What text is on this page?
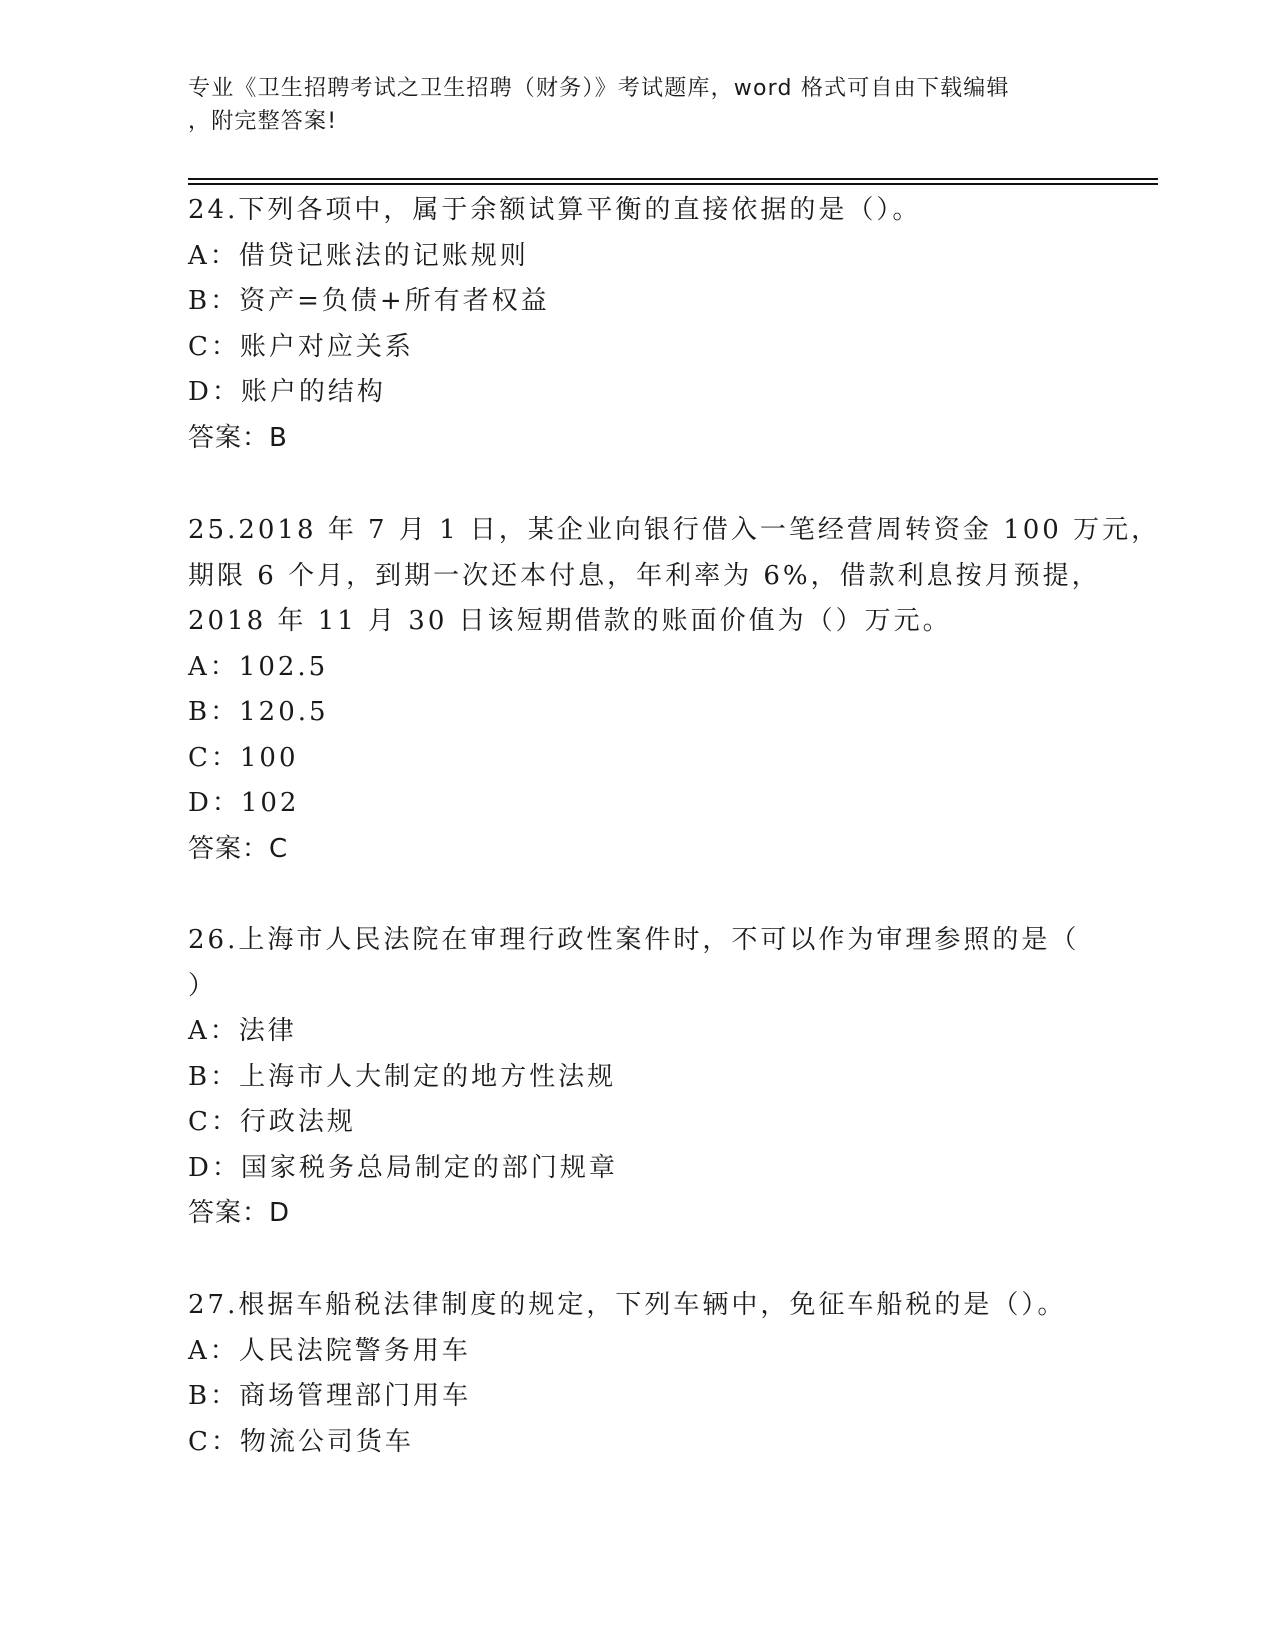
专业《卫生招聘考试之卫生招聘（财务）》考试题库，word 格式可自由下载编辑
，附完整答案!
24.下列各项中，属于余额试算平衡的直接依据的是（）。
A：借贷记账法的记账规则
B：资产=负债+所有者权益
C：账户对应关系
D：账户的结构
答案：B
25.2018 年 7 月 1 日，某企业向银行借入一笔经营周转资金 100 万元，
期限 6 个月，到期一次还本付息，年利率为 6%，借款利息按月预提，
2018 年 11 月 30 日该短期借款的账面价值为（）万元。
A：102.5
B：120.5
C：100
D：102
答案：C
26.上海市人民法院在审理行政性案件时，不可以作为审理参照的是（
）
A：法律
B：上海市人大制定的地方性法规
C：行政法规
D：国家税务总局制定的部门规章
答案：D
27.根据车船税法律制度的规定，下列车辆中，免征车船税的是（）。
A：人民法院警务用车
B：商场管理部门用车
C：物流公司货车
